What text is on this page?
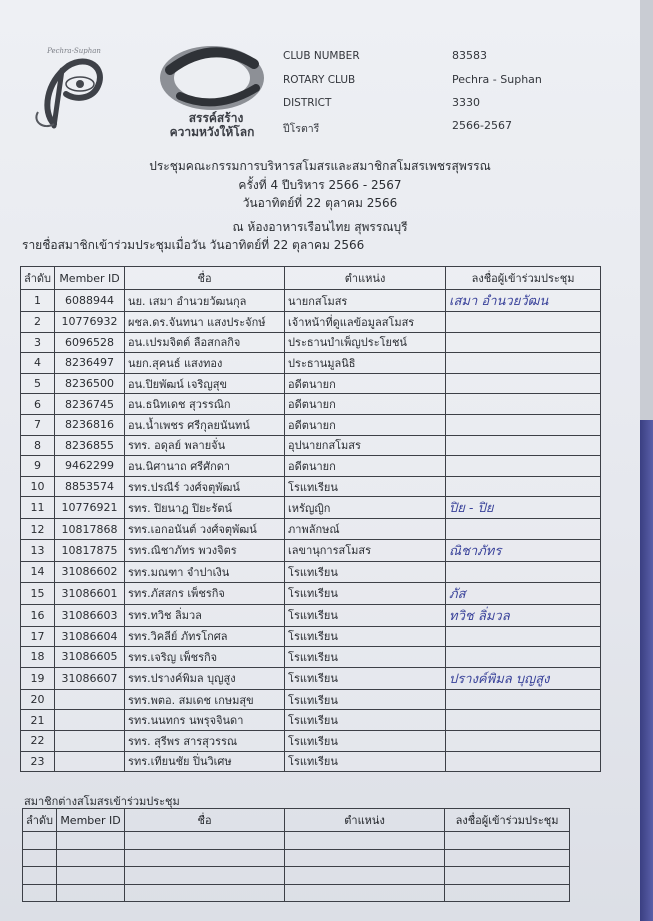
Pechra-Suphan
สรรค์สร้าง
ความหวังให้โลก
CLUB NUMBER	83583
ROTARY CLUB	Pechra - Suphan
DISTRICT	3330
ปีโรตารี	2566-2567
ประชุมคณะกรรมการบริหารสโมสรและสมาชิกสโมสรเพชรสุพรรณ
ครั้งที่ 4 ปีบริหาร 2566 - 2567
วันอาทิตย์ที่ 22 ตุลาคม 2566
ณ ห้องอาหารเรือนไทย สุพรรณบุรี
รายชื่อสมาชิกเข้าร่วมประชุมเมื่อวัน วันอาทิตย์ที่ 22 ตุลาคม 2566
ลำดับ	Member ID	ชื่อ	ตำแหน่ง	ลงชื่อผู้เข้าร่วมประชุม
1	6088944	นย. เสมา อำนวยวัฒนกุล	นายกสโมสร	เสมา อำนวยวัฒน
2	10776932	ผชล.ดร.จันทนา แสงประจักษ์	เจ้าหน้าที่ดูแลข้อมูลสโมสร	
3	6096528	อน.เปรมจิตต์ ลือสกลกิจ	ประธานบำเพ็ญประโยชน์	
4	8236497	นยก.สุคนธ์ แสงทอง	ประธานมูลนิธิ	
5	8236500	อน.ปิยพัฒน์ เจริญสุข	อดีตนายก	
6	8236745	อน.ธนิทเดช สุวรรณิก	อดีตนายก	
7	8236816	อน.น้ำเพชร ศรีกุลยนันทน์	อดีตนายก	
8	8236855	รทร. อดุลย์ พลายจั่น	อุปนายกสโมสร	
9	9462299	อน.นิศานาถ ศรีศักดา	อดีตนายก	
10	8853574	รทร.ปรณีร์ วงศ์จตุพัฒน์	โรแทเรียน	
11	10776921	รทร. ปิยนาฎ ปิยะรัตน์	เหรัญญิก	ปิย - ปิย
12	10817868	รทร.เอกอนันต์ วงศ์จตุพัฒน์	ภาพลักษณ์	
13	10817875	รทร.ณิชาภัทร พวงจิตร	เลขานุการสโมสร	ณิชาภัทร
14	31086602	รทร.มณฑา จำปาเงิน	โรแทเรียน	
15	31086601	รทร.ภัสสกร เพ็ชรกิจ	โรแทเรียน	ภัส
16	31086603	รทร.ทวิช ลิ่มวล	โรแทเรียน	ทวิช ลิ่มวล
17	31086604	รทร.วิคลีย์ ภัทรโกศล	โรแทเรียน	
18	31086605	รทร.เจริญ เพ็ชรกิจ	โรแทเรียน	
19	31086607	รทร.ปรางค์พิมล บุญสูง	โรแทเรียน	ปรางค์พิมล บุญสูง
20		รทร.พตอ. สมเดช เกษมสุข	โรแทเรียน	
21		รทร.นนทกร นพรุจจินดา	โรแทเรียน	
22		รทร. สุรีพร สารสุวรรณ	โรแทเรียน	
23		รทร.เทียนชัย ปิ่นวิเศษ	โรแทเรียน	
สมาชิกต่างสโมสรเข้าร่วมประชุม
ลำดับ	Member ID	ชื่อ	ตำแหน่ง	ลงชื่อผู้เข้าร่วมประชุม
